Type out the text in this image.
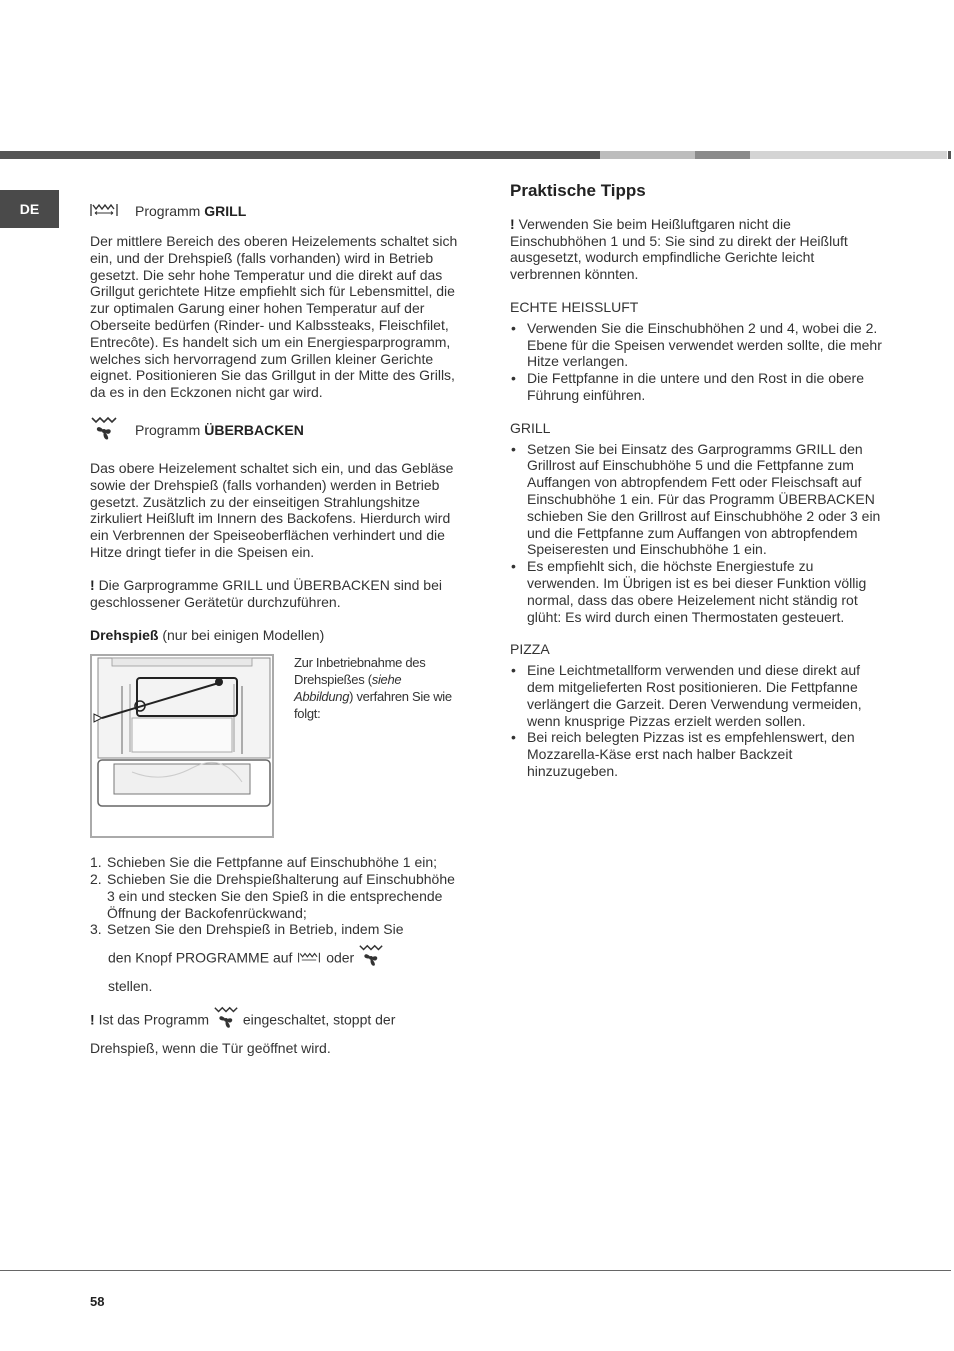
DE	Programm
GRILL

Der mittlere Bereich des oberen Heizelements schaltet sich ein, und der Drehspieß (falls vorhanden) wird in Betrieb gesetzt. Die sehr hohe Temperatur und die direkt auf das Grillgut gerichtete Hitze empfiehlt sich für Lebensmittel, die zur optimalen Garung einer hohen Temperatur auf der Oberseite bedürfen (Rinder- und Kalbssteaks, Fleischfilet, Entrecôte). Es handelt sich um ein Energiesparprogramm, welches sich hervorragend zum Grillen kleiner Gerichte eignet. Positionieren Sie das Grillgut in der Mitte des Grills, da es in den Eckzonen nicht gar wird.

Programm
ÜBERBACKEN

Das obere Heizelement schaltet sich ein, und das Gebläse sowie der Drehspieß (falls vorhanden) werden in Betrieb gesetzt. Zusätzlich zu der einseitigen Strahlungshitze zirkuliert Heißluft im Innern des Backofens. Hierdurch wird ein Verbrennen der Speiseoberflächen verhindert und die Hitze dringt tiefer in die Speisen ein.

! Die Garprogramme GRILL und ÜBERBACKEN sind bei geschlossener Gerätetür durchzuführen.

Drehspieß (nur bei einigen Modellen)

Zur Inbetriebnahme des Drehspießes (siehe Abbildung) verfahren Sie wie folgt:
1. Schieben Sie die Fettpfanne auf Einschubhöhe 1 ein;
2. Schieben Sie die Drehspießhalterung auf Einschubhöhe 3 ein und stecken Sie den Spieß in die entsprechende Öffnung der Backofenrückwand;
3. Setzen Sie den Drehspieß in Betrieb, indem Sie

den Knopf PROGRAMME auf oder
stellen.

! Ist das Programm eingeschaltet, stoppt der Drehspieß, wenn die Tür geöffnet wird.

Praktische Tipps

! Verwenden Sie beim Heißluftgaren nicht die Einschubhöhen 1 und 5: Sie sind zu direkt der Heißluft ausgesetzt, wodurch empfindliche Gerichte leicht verbrennen könnten.

ECHTE HEISSLUFT
• Verwenden Sie die Einschubhöhen 2 und 4, wobei die 2. Ebene für die Speisen verwendet werden sollte, die mehr Hitze verlangen.
• Die Fettpfanne in die untere und den Rost in die obere Führung einführen.
GRILL
• Setzen Sie bei Einsatz des Garprogramms GRILL den Grillrost auf Einschubhöhe 5 und die Fettpfanne zum Auffangen von abtropfendem Fett oder Fleischsaft auf Einschubhöhe 1 ein. Für das Programm ÜBERBACKEN schieben Sie den Grillrost auf Einschubhöhe 2 oder 3 ein und die Fettpfanne zum Auffangen von abtropfendem Speiseresten und Einschubhöhe 1 ein.
• Es empfiehlt sich, die höchste Energiestufe zu verwenden. Im Übrigen ist es bei dieser Funktion völlig normal, dass das obere Heizelement nicht ständig rot glüht: Es wird durch einen Thermostaten gesteuert.
PIZZA
• Eine Leichtmetallform verwenden und diese direkt auf dem mitgelieferten Rost positionieren. Die Fettpfanne verlängert die Garzeit. Deren Verwendung vermeiden, wenn knusprige Pizzas erzielt werden sollen.
• Bei reich belegten Pizzas ist es empfehlenswert, den Mozzarella-Käse erst nach halber Backzeit hinzuzugeben.
58
